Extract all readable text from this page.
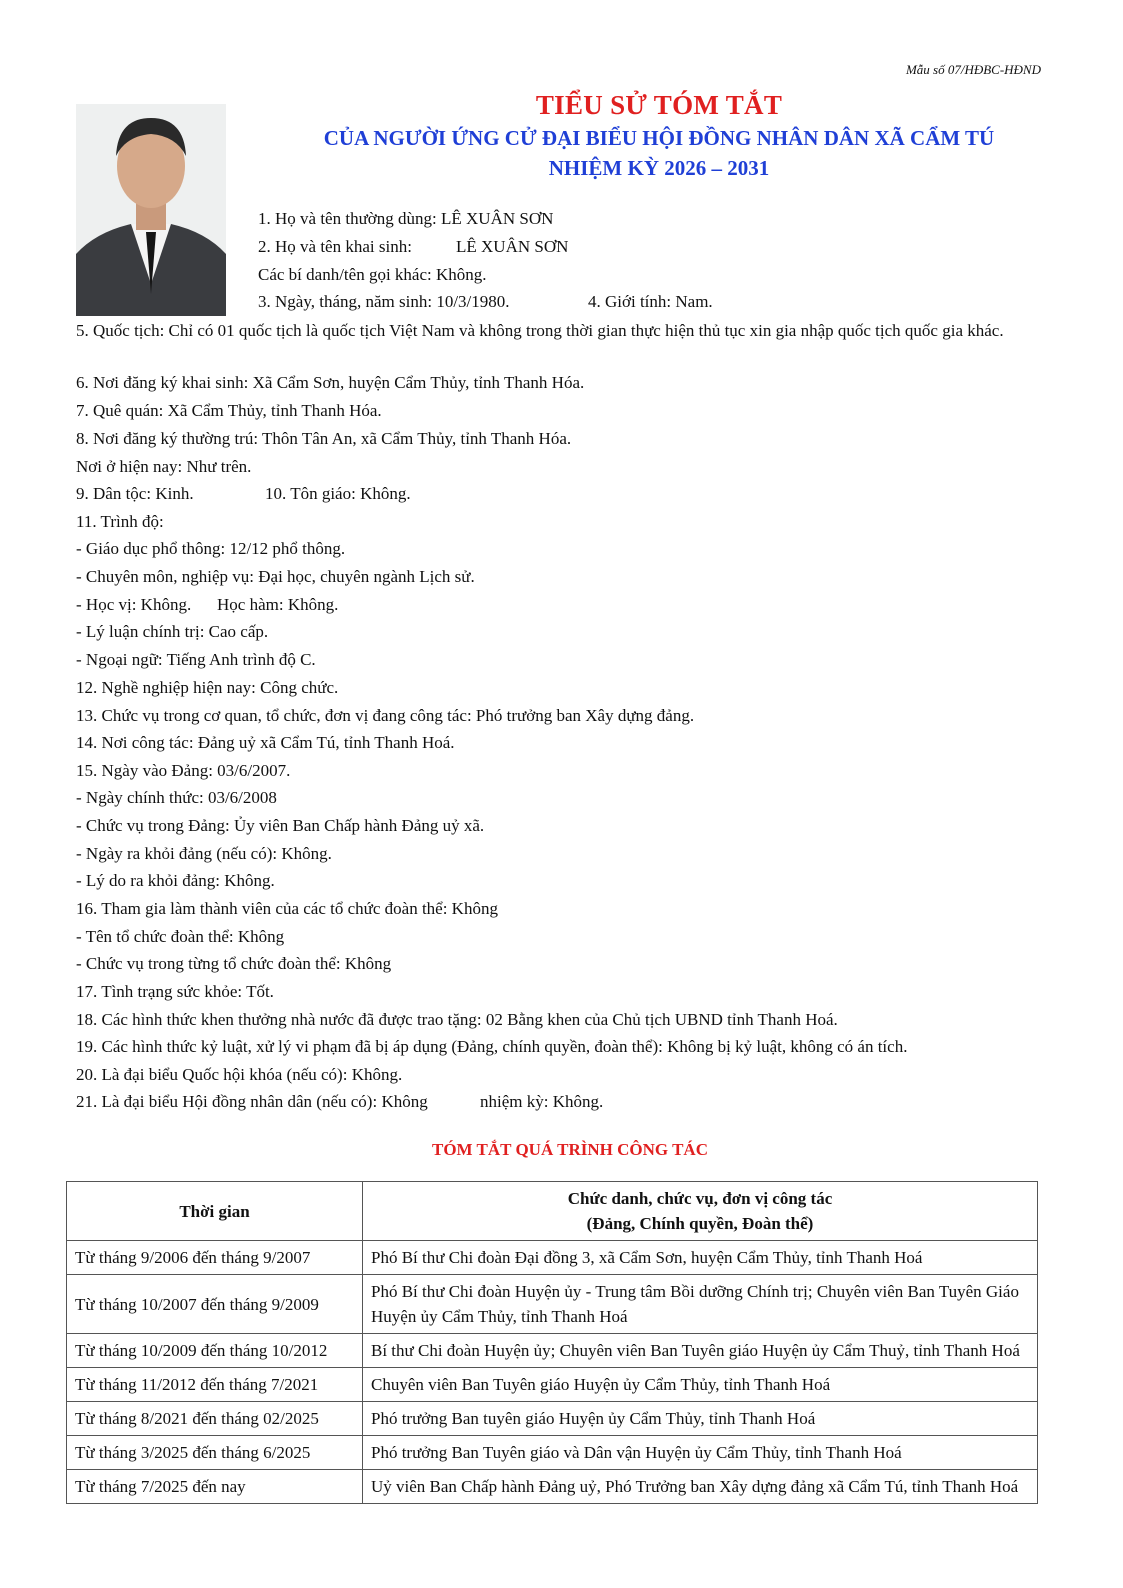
Mẫu số 07/HĐBC-HĐND
TIỂU SỬ TÓM TẮT
CỦA NGƯỜI ỨNG CỬ ĐẠI BIỂU HỘI ĐỒNG NHÂN DÂN XÃ CẨM TÚ
NHIỆM KỲ 2026 – 2031
1. Họ và tên thường dùng: LÊ XUÂN SƠN
2. Họ và tên khai sinh:	LÊ XUÂN SƠN
Các bí danh/tên gọi khác: Không.
3. Ngày, tháng, năm sinh: 10/3/1980.	4. Giới tính: Nam.
5. Quốc tịch: Chỉ có 01 quốc tịch là quốc tịch Việt Nam và không trong thời gian thực hiện thủ tục xin gia nhập quốc tịch quốc gia khác.
6. Nơi đăng ký khai sinh: Xã Cẩm Sơn, huyện Cẩm Thủy, tỉnh Thanh Hóa.
7. Quê quán: Xã Cẩm Thủy, tỉnh Thanh Hóa.
8. Nơi đăng ký thường trú: Thôn Tân An, xã Cẩm Thủy, tỉnh Thanh Hóa.
Nơi ở hiện nay: Như trên.
9. Dân tộc: Kinh.	10. Tôn giáo: Không.
11. Trình độ:
- Giáo dục phổ thông: 12/12 phổ thông.
- Chuyên môn, nghiệp vụ: Đại học, chuyên ngành Lịch sử.
- Học vị: Không. Học hàm: Không.
- Lý luận chính trị: Cao cấp.
- Ngoại ngữ: Tiếng Anh trình độ C.
12. Nghề nghiệp hiện nay: Công chức.
13. Chức vụ trong cơ quan, tổ chức, đơn vị đang công tác: Phó trưởng ban Xây dựng đảng.
14. Nơi công tác: Đảng uỷ xã Cẩm Tú, tỉnh Thanh Hoá.
15. Ngày vào Đảng: 03/6/2007.
- Ngày chính thức: 03/6/2008
- Chức vụ trong Đảng: Ủy viên Ban Chấp hành Đảng uỷ xã.
- Ngày ra khỏi đảng (nếu có): Không.
- Lý do ra khỏi đảng: Không.
16. Tham gia làm thành viên của các tổ chức đoàn thể: Không
- Tên tổ chức đoàn thể: Không
- Chức vụ trong từng tổ chức đoàn thể: Không
17. Tình trạng sức khỏe: Tốt.
18. Các hình thức khen thưởng nhà nước đã được trao tặng: 02 Bằng khen của Chủ tịch UBND tỉnh Thanh Hoá.
19. Các hình thức kỷ luật, xử lý vi phạm đã bị áp dụng (Đảng, chính quyền, đoàn thể): Không bị kỷ luật, không có án tích.
20. Là đại biểu Quốc hội khóa (nếu có): Không.
21. Là đại biểu Hội đồng nhân dân (nếu có): Không	nhiệm kỳ: Không.
TÓM TẮT QUÁ TRÌNH CÔNG TÁC
Thời gian	Chức danh, chức vụ, đơn vị công tác
(Đảng, Chính quyền, Đoàn thể)

Từ tháng 9/2006 đến tháng 9/2007	Phó Bí thư Chi đoàn Đại đồng 3, xã Cẩm Sơn, huyện Cẩm Thủy, tỉnh Thanh Hoá
Từ tháng 10/2007 đến tháng 9/2009	Phó Bí thư Chi đoàn Huyện ủy - Trung tâm Bồi dưỡng Chính trị; Chuyên viên Ban Tuyên Giáo Huyện ủy Cẩm Thủy, tỉnh Thanh Hoá
Từ tháng 10/2009 đến tháng 10/2012	Bí thư Chi đoàn Huyện ủy; Chuyên viên Ban Tuyên giáo Huyện ủy Cẩm Thuỷ, tỉnh Thanh Hoá
Từ tháng 11/2012 đến tháng 7/2021	Chuyên viên Ban Tuyên giáo Huyện ủy Cẩm Thủy, tỉnh Thanh Hoá
Từ tháng 8/2021 đến tháng 02/2025	Phó trưởng Ban tuyên giáo Huyện ủy Cẩm Thủy, tỉnh Thanh Hoá
Từ tháng 3/2025 đến tháng 6/2025	Phó trưởng Ban Tuyên giáo và Dân vận Huyện ủy Cẩm Thủy, tỉnh Thanh Hoá
Từ tháng 7/2025 đến nay	Uỷ viên Ban Chấp hành Đảng uỷ, Phó Trưởng ban Xây dựng đảng xã Cẩm Tú, tỉnh Thanh Hoá
